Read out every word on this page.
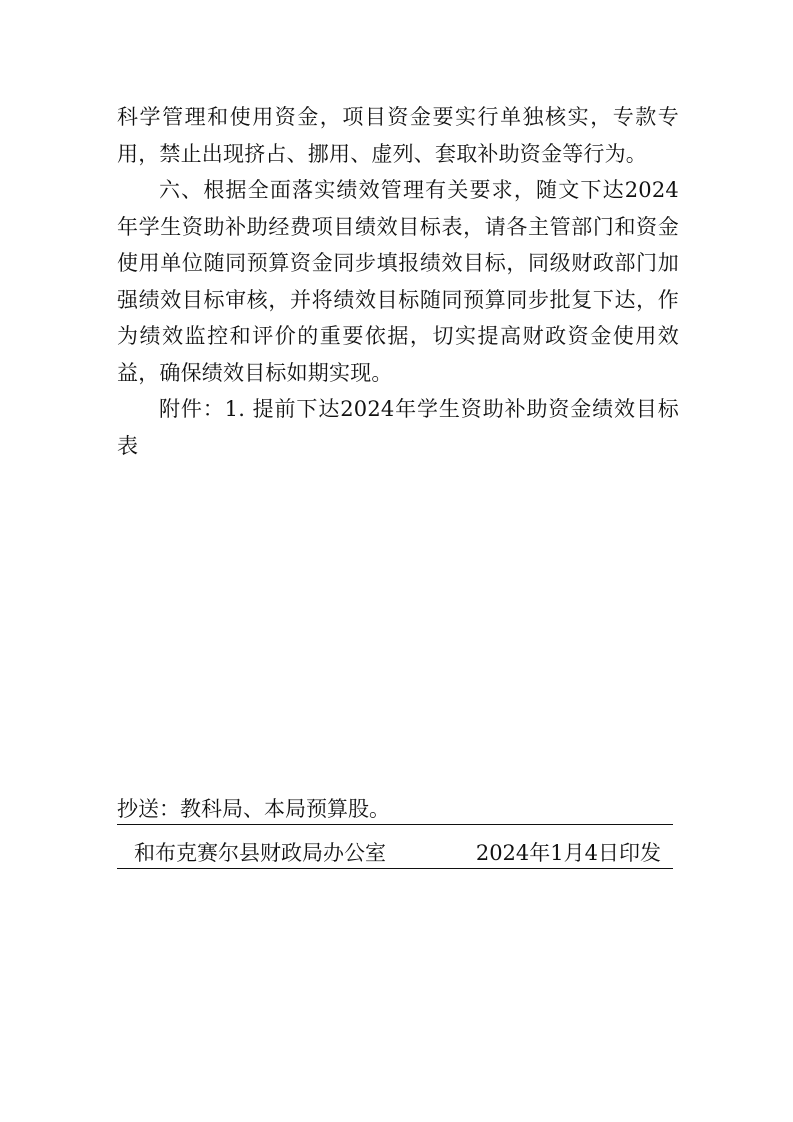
科学管理和使用资金，项目资金要实行单独核实，专款专用，禁止出现挤占、挪用、虚列、套取补助资金等行为。

六、根据全面落实绩效管理有关要求，随文下达2024年学生资助补助经费项目绩效目标表，请各主管部门和资金使用单位随同预算资金同步填报绩效目标，同级财政部门加强绩效目标审核，并将绩效目标随同预算同步批复下达，作为绩效监控和评价的重要依据，切实提高财政资金使用效益，确保绩效目标如期实现。

附件：1. 提前下达2024年学生资助补助资金绩效目标表

抄送：教科局、本局预算股。
和布克赛尔县财政局办公室	2024年1月4日印发
